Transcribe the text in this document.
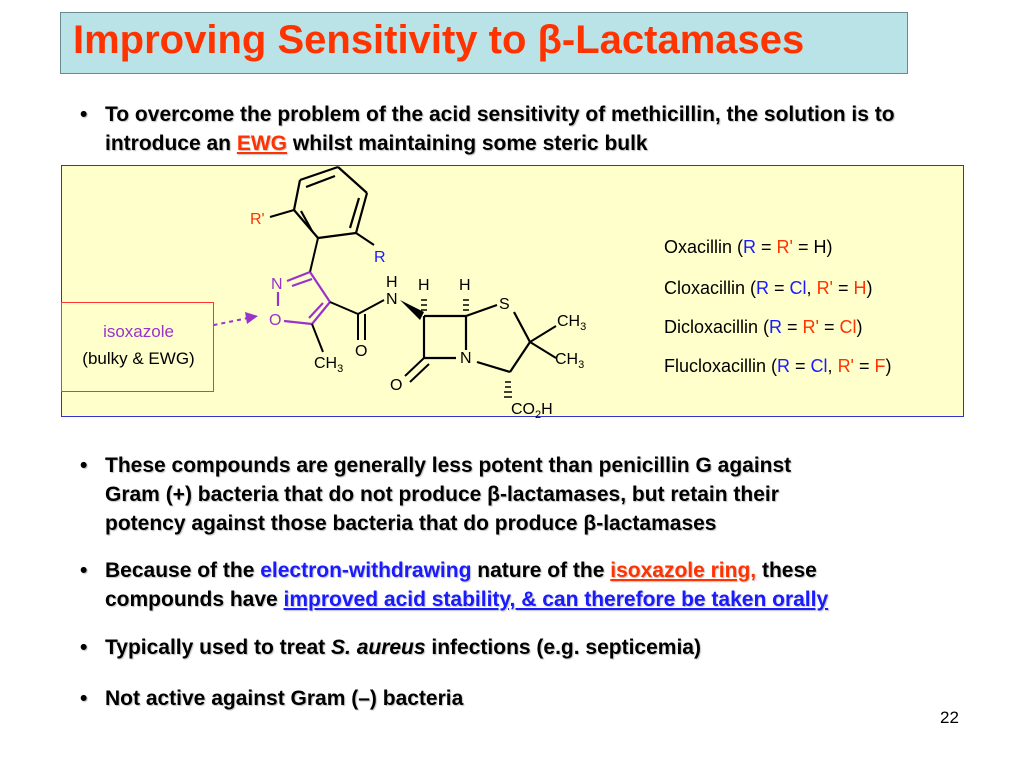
Improving Sensitivity to β-Lactamases
• To overcome the problem of the acid sensitivity of methicillin, the solution is to introduce an EWG whilst maintaining some steric bulk
R'
R
N
O
$CH_3$
O
H
N
H H
S
$CH_3$
$CH_3$
N
O
$CO_2H$
isoxazole
(bulky & EWG)
Oxacillin (R = R' = H)
Cloxacillin (R = Cl, R' = H)
Dicloxacillin (R = R' = Cl)
Flucloxacillin (R = Cl, R' = F)
• These compounds are generally less potent than penicillin G against
Gram (+) bacteria that do not produce β-lactamases, but retain their
potency against those bacteria that do produce β-lactamases
• Because of the electron-withdrawing nature of the isoxazole ring, these
compounds have improved acid stability, & can therefore be taken orally
• Typically used to treat S. aureus infections (e.g. septicemia)
• Not active against Gram (–) bacteria
22
